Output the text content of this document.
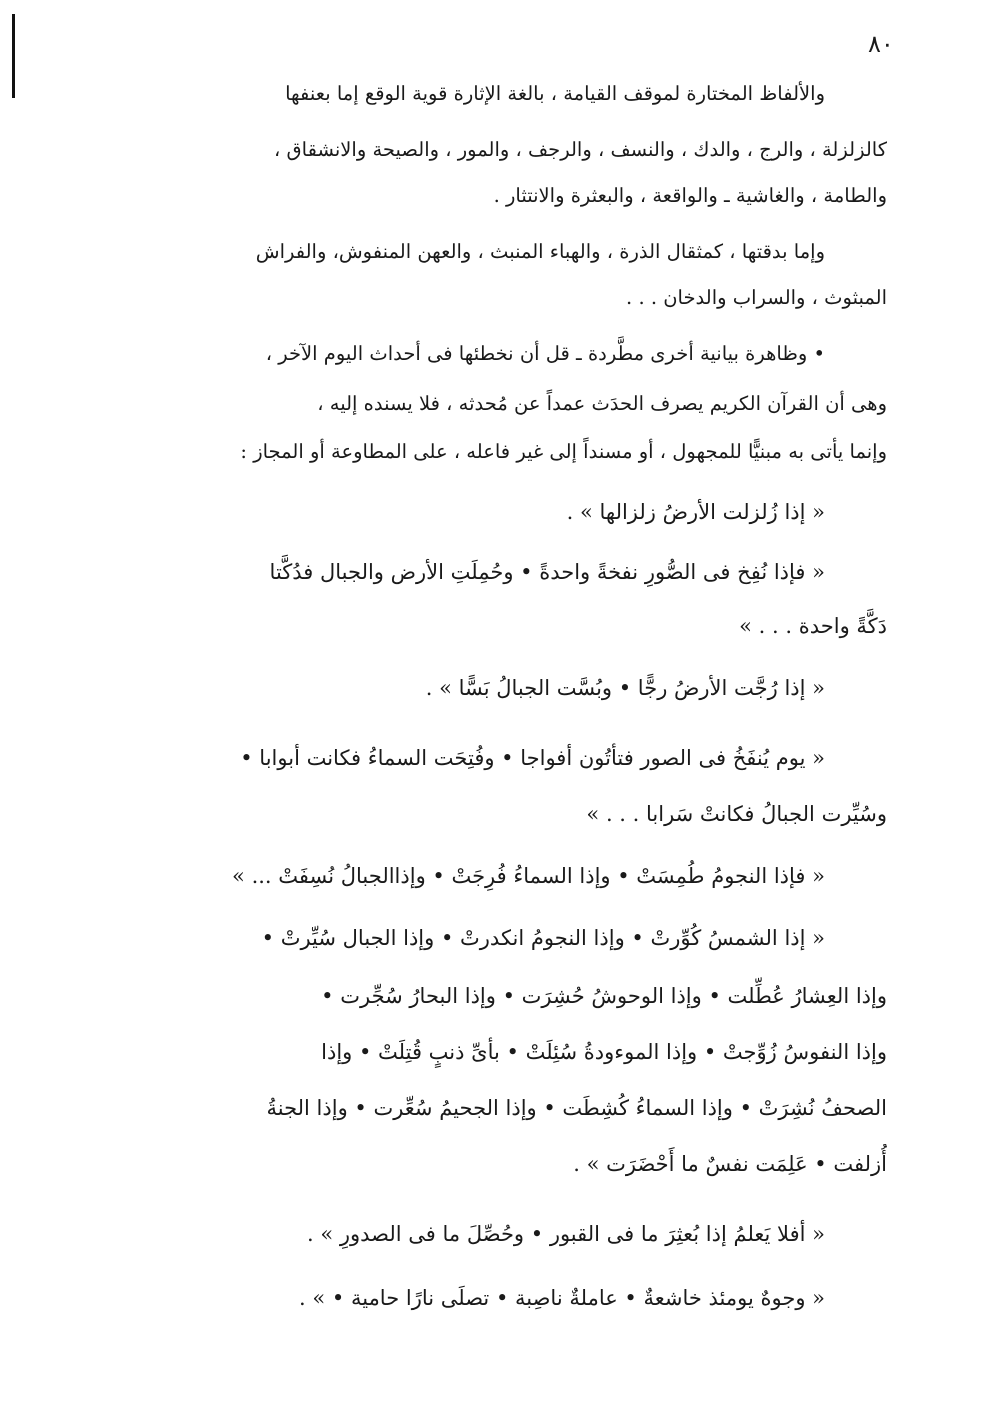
٨٠
والألفاظ المختارة لموقف القيامة ، بالغة الإثارة قوية الوقع إما بعنفها
كالزلزلة ، والرج ، والدك ، والنسف ، والرجف ، والمور ، والصيحة والانشقاق ،
والطامة ، والغاشية ـ والواقعة ، والبعثرة والانتثار .
وإما بدقتها ، كمثقال الذرة ، والهباء المنبث ، والعهن المنفوش، والفراش
المبثوث ، والسراب والدخان . . .
• وظاهرة بيانية أخرى مطَّردة ـ قل أن نخطئها فى أحداث اليوم الآخر ،
وهى أن القرآن الكريم يصرف الحدَث عمداً عن مُحدثه ، فلا يسنده إليه ،
وإنما يأتى به مبنيًّا للمجهول ، أو مسنداً إلى غير فاعله ، على المطاوعة أو المجاز :
« إذا زُلزلت الأرضُ زلزالها » .
« فإذا نُفِخ فى الصُّورِ نفخةً واحدةً • وحُمِلَتِ الأرض والجبال فدُكَّتا
دَكَّةً واحدة . . . »
« إذا رُجَّت الأرضُ رجًّا • وبُسَّت الجبالُ بَسًّا » .
« يوم يُنفَخُ فى الصور فتأتُون أفواجا • وفُتِحَت السماءُ فكانت أبوابا •
وسُيِّرت الجبالُ فكانتْ سَرابا . . . »
« فإذا النجومُ طُمِسَتْ • وإذا السماءُ فُرِجَتْ • وإذاالجبالُ نُسِفَتْ ... »
« إذا الشمسُ كُوِّرتْ • وإذا النجومُ انكدرتْ • وإذا الجبال سُيِّرتْ •
وإذا العِشارُ عُطِّلت • وإذا الوحوشُ حُشِرَت • وإذا البحارُ سُجِّرت •
وإذا النفوسُ زُوِّجتْ • وإذا الموءودةُ سُئِلَتْ • بأىِّ ذنبٍ قُتِلَتْ • وإذا
الصحفُ نُشِرَتْ • وإذا السماءُ كُشِطَت • وإذا الجحيمُ سُعِّرت • وإذا الجنةُ
أُزلفت • عَلِمَت نفسٌ ما أَحْضَرَت » .
« أفلا يَعلمُ إذا بُعثِرَ ما فى القبور • وحُصِّلَ ما فى الصدورِ » .
« وجوهٌ يومئذ خاشعةٌ • عاملةٌ ناصِبة • تصلَى نارًا حامية • » .
